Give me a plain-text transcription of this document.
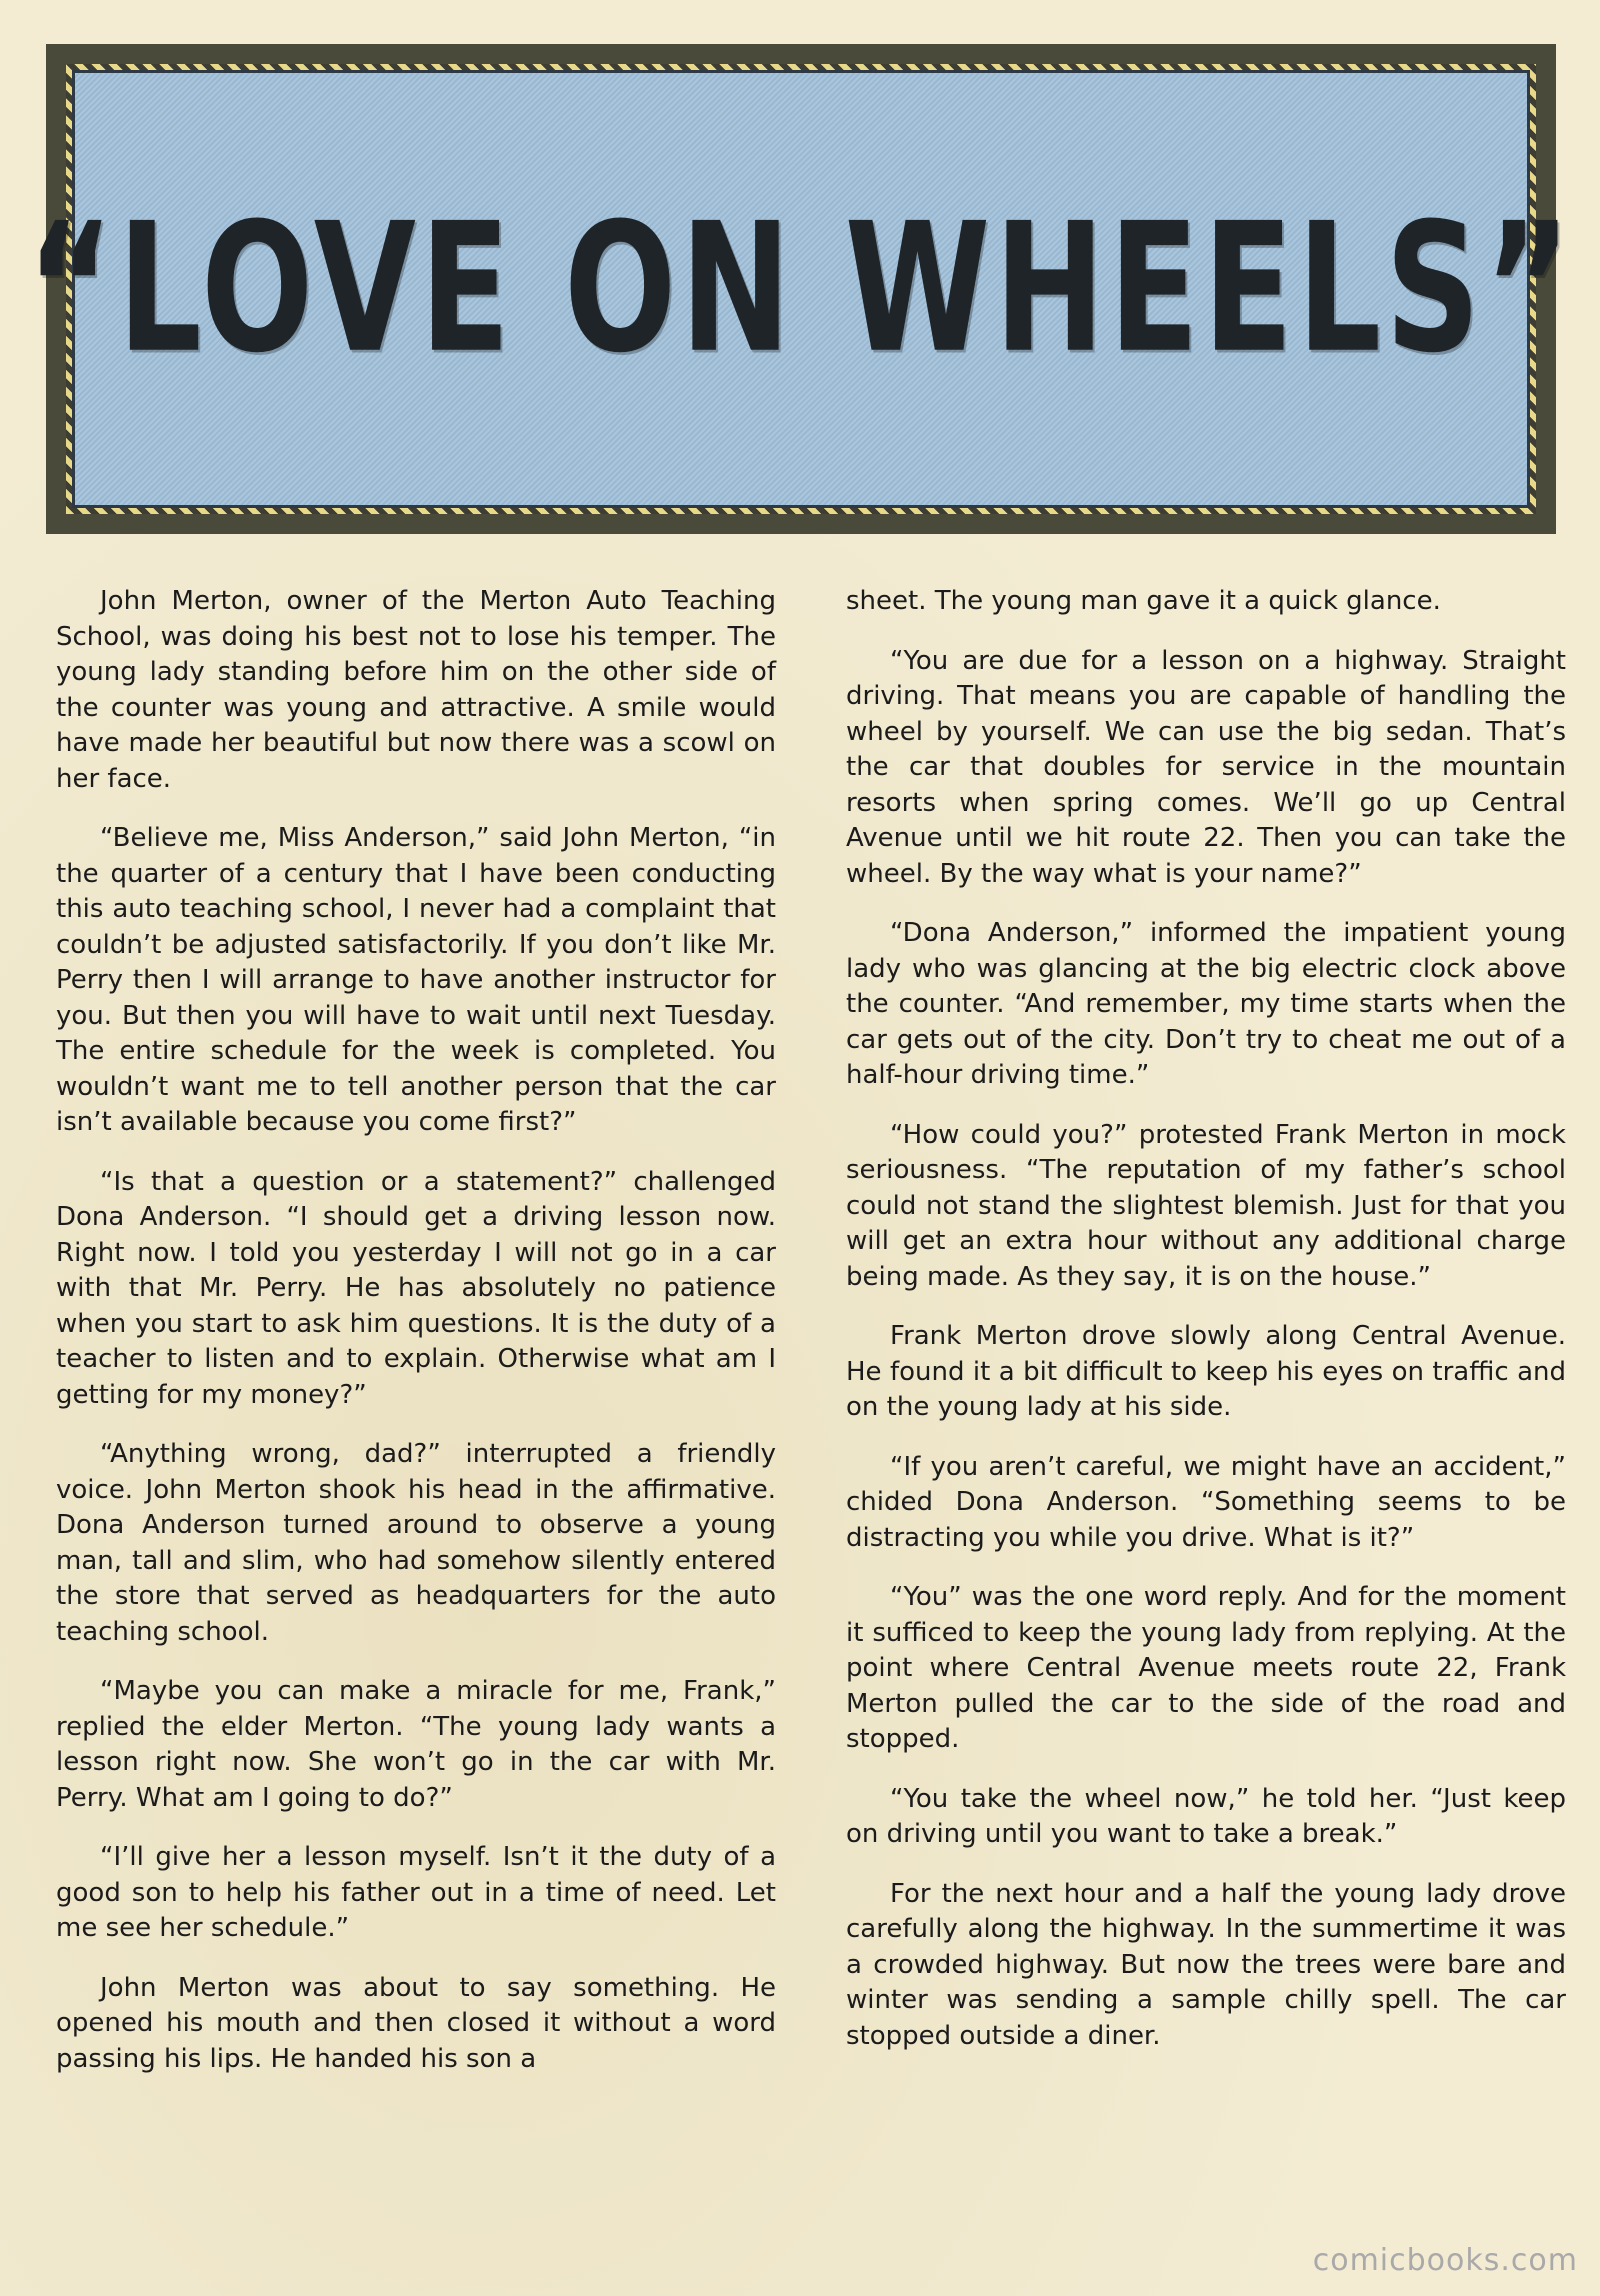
“LOVE ON WHEELS”

John Merton, owner of the Merton Auto Teaching School, was doing his best not to lose his temper. The young lady standing before him on the other side of the counter was young and attractive. A smile would have made her beautiful but now there was a scowl on her face.

“Believe me, Miss Anderson,” said John Merton, “in the quarter of a century that I have been conducting this auto teaching school, I never had a complaint that couldn’t be adjusted satisfactorily. If you don’t like Mr. Perry then I will arrange to have another instructor for you. But then you will have to wait until next Tuesday. The entire schedule for the week is completed. You wouldn’t want me to tell another person that the car isn’t available because you come first?”

“Is that a question or a statement?” challenged Dona Anderson. “I should get a driving lesson now. Right now. I told you yesterday I will not go in a car with that Mr. Perry. He has absolutely no patience when you start to ask him questions. It is the duty of a teacher to listen and to explain. Otherwise what am I getting for my money?”

“Anything wrong, dad?” interrupted a friendly voice. John Merton shook his head in the affirmative. Dona Anderson turned around to observe a young man, tall and slim, who had somehow silently entered the store that served as headquarters for the auto teaching school.

“Maybe you can make a miracle for me, Frank,” replied the elder Merton. “The young lady wants a lesson right now. She won’t go in the car with Mr. Perry. What am I going to do?”

“I’ll give her a lesson myself. Isn’t it the duty of a good son to help his father out in a time of need. Let me see her schedule.”

John Merton was about to say something. He opened his mouth and then closed it without a word passing his lips. He handed his son a

sheet. The young man gave it a quick glance.

“You are due for a lesson on a highway. Straight driving. That means you are capable of handling the wheel by yourself. We can use the big sedan. That’s the car that doubles for service in the mountain resorts when spring comes. We’ll go up Central Avenue until we hit route 22. Then you can take the wheel. By the way what is your name?”

“Dona Anderson,” informed the impatient young lady who was glancing at the big electric clock above the counter. “And remember, my time starts when the car gets out of the city. Don’t try to cheat me out of a half-hour driving time.”

“How could you?” protested Frank Merton in mock seriousness. “The reputation of my father’s school could not stand the slightest blemish. Just for that you will get an extra hour without any additional charge being made. As they say, it is on the house.”

Frank Merton drove slowly along Central Avenue. He found it a bit difficult to keep his eyes on traffic and on the young lady at his side.

“If you aren’t careful, we might have an accident,” chided Dona Anderson. “Something seems to be distracting you while you drive. What is it?”

“You” was the one word reply. And for the moment it sufficed to keep the young lady from replying. At the point where Central Avenue meets route 22, Frank Merton pulled the car to the side of the road and stopped.

“You take the wheel now,” he told her. “Just keep on driving until you want to take a break.”

For the next hour and a half the young lady drove carefully along the highway. In the summertime it was a crowded highway. But now the trees were bare and winter was sending a sample chilly spell. The car stopped outside a diner.

comicbooks.com
